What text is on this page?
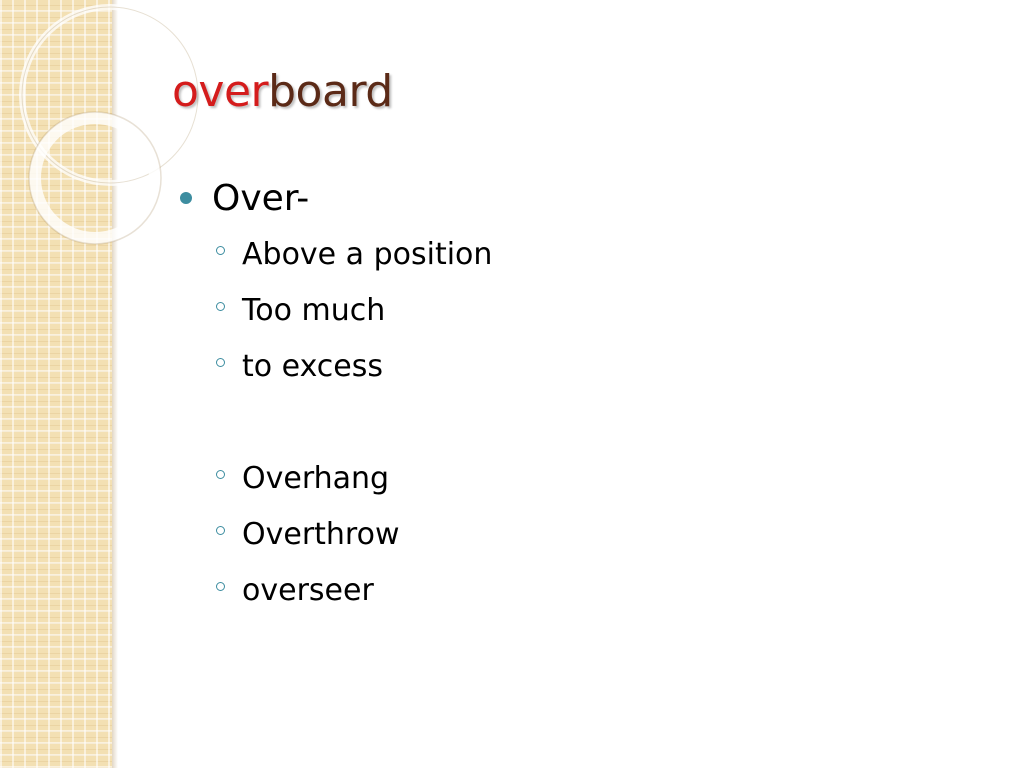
overboard
Over-
Above a position
Too much
to excess
Overhang
Overthrow
overseer
